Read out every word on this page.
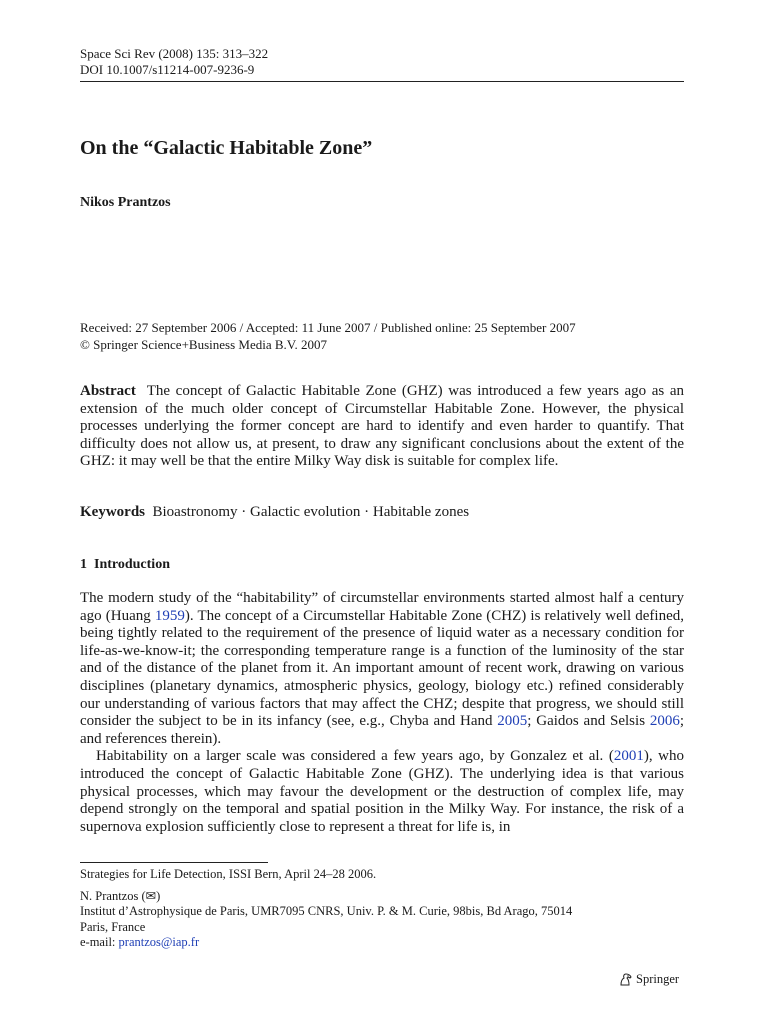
Space Sci Rev (2008) 135: 313–322
DOI 10.1007/s11214-007-9236-9
On the “Galactic Habitable Zone”
Nikos Prantzos
Received: 27 September 2006 / Accepted: 11 June 2007 / Published online: 25 September 2007
© Springer Science+Business Media B.V. 2007
Abstract The concept of Galactic Habitable Zone (GHZ) was introduced a few years ago as an extension of the much older concept of Circumstellar Habitable Zone. However, the physical processes underlying the former concept are hard to identify and even harder to quantify. That difficulty does not allow us, at present, to draw any significant conclusions about the extent of the GHZ: it may well be that the entire Milky Way disk is suitable for complex life.
Keywords Bioastronomy · Galactic evolution · Habitable zones
1 Introduction

The modern study of the “habitability” of circumstellar environments started almost half a century ago (Huang 1959). The concept of a Circumstellar Habitable Zone (CHZ) is relatively well defined, being tightly related to the requirement of the presence of liquid water as a necessary condition for life-as-we-know-it; the corresponding temperature range is a function of the luminosity of the star and of the distance of the planet from it. An important amount of recent work, drawing on various disciplines (planetary dynamics, atmospheric physics, geology, biology etc.) refined considerably our understanding of various factors that may affect the CHZ; despite that progress, we should still consider the subject to be in its infancy (see, e.g., Chyba and Hand 2005; Gaidos and Selsis 2006; and references therein).

Habitability on a larger scale was considered a few years ago, by Gonzalez et al. (2001), who introduced the concept of Galactic Habitable Zone (GHZ). The underlying idea is that various physical processes, which may favour the development or the destruction of complex life, may depend strongly on the temporal and spatial position in the Milky Way. For instance, the risk of a supernova explosion sufficiently close to represent a threat for life is, in

Strategies for Life Detection, ISSI Bern, April 24–28 2006.
N. Prantzos (✉)
Institut d’Astrophysique de Paris, UMR7095 CNRS, Univ. P. & M. Curie, 98bis, Bd Arago, 75014
Paris, France
e-mail: prantzos@iap.fr
Springer
